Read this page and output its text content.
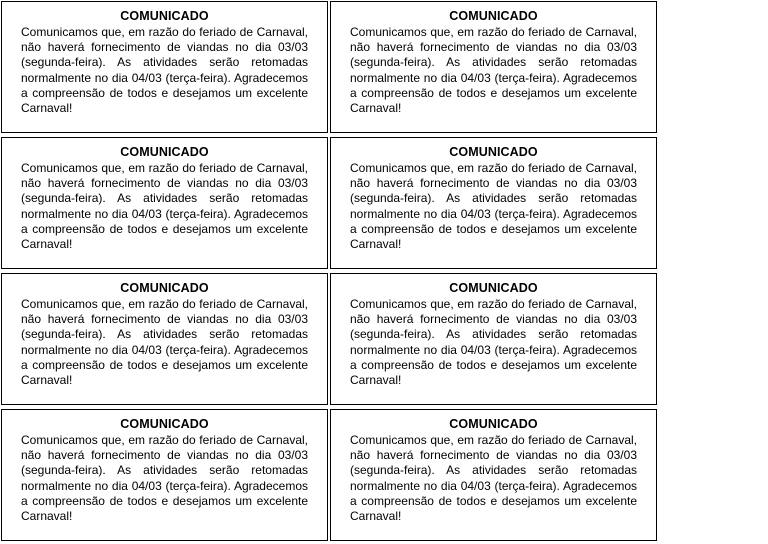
COMUNICADO

Comunicamos que, em razão do feriado de Carnaval, não haverá fornecimento de viandas no dia 03/03 (segunda-feira). As atividades serão retomadas normalmente no dia 04/03 (terça-feira). Agradecemos a compreensão de todos e desejamos um excelente Carnaval!

COMUNICADO

Comunicamos que, em razão do feriado de Carnaval, não haverá fornecimento de viandas no dia 03/03 (segunda-feira). As atividades serão retomadas normalmente no dia 04/03 (terça-feira). Agradecemos a compreensão de todos e desejamos um excelente Carnaval!

COMUNICADO

Comunicamos que, em razão do feriado de Carnaval, não haverá fornecimento de viandas no dia 03/03 (segunda-feira). As atividades serão retomadas normalmente no dia 04/03 (terça-feira). Agradecemos a compreensão de todos e desejamos um excelente Carnaval!

COMUNICADO

Comunicamos que, em razão do feriado de Carnaval, não haverá fornecimento de viandas no dia 03/03 (segunda-feira). As atividades serão retomadas normalmente no dia 04/03 (terça-feira). Agradecemos a compreensão de todos e desejamos um excelente Carnaval!

COMUNICADO

Comunicamos que, em razão do feriado de Carnaval, não haverá fornecimento de viandas no dia 03/03 (segunda-feira). As atividades serão retomadas normalmente no dia 04/03 (terça-feira). Agradecemos a compreensão de todos e desejamos um excelente Carnaval!

COMUNICADO

Comunicamos que, em razão do feriado de Carnaval, não haverá fornecimento de viandas no dia 03/03 (segunda-feira). As atividades serão retomadas normalmente no dia 04/03 (terça-feira). Agradecemos a compreensão de todos e desejamos um excelente Carnaval!

COMUNICADO

Comunicamos que, em razão do feriado de Carnaval, não haverá fornecimento de viandas no dia 03/03 (segunda-feira). As atividades serão retomadas normalmente no dia 04/03 (terça-feira). Agradecemos a compreensão de todos e desejamos um excelente Carnaval!

COMUNICADO

Comunicamos que, em razão do feriado de Carnaval, não haverá fornecimento de viandas no dia 03/03 (segunda-feira). As atividades serão retomadas normalmente no dia 04/03 (terça-feira). Agradecemos a compreensão de todos e desejamos um excelente Carnaval!
